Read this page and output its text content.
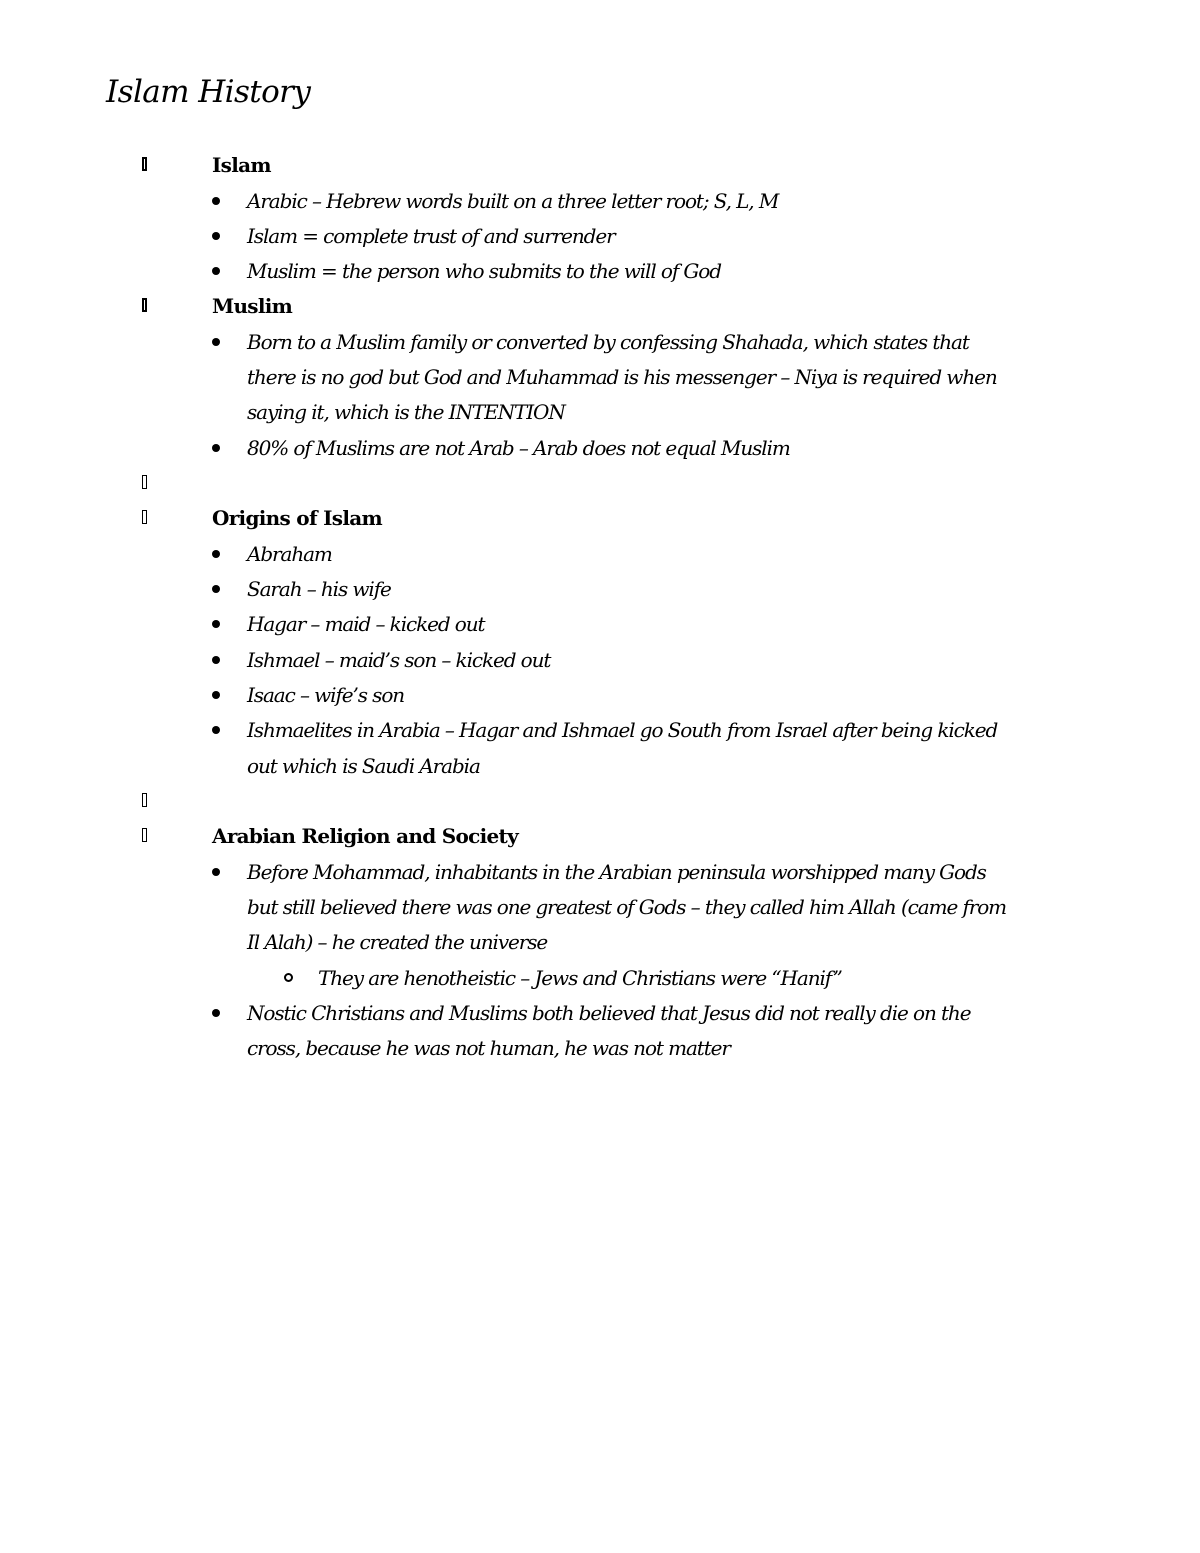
Islam History
Islam
Arabic – Hebrew words built on a three letter root; S, L, M
Islam = complete trust of and surrender
Muslim = the person who submits to the will of God
Muslim
Born to a Muslim family or converted by confessing Shahada, which states that
there is no god but God and Muhammad is his messenger – Niya is required when
saying it, which is the INTENTION
80% of Muslims are not Arab – Arab does not equal Muslim
Origins of Islam
Abraham
Sarah – his wife
Hagar – maid – kicked out
Ishmael – maid’s son – kicked out
Isaac – wife’s son
Ishmaelites in Arabia – Hagar and Ishmael go South from Israel after being kicked
out which is Saudi Arabia
Arabian Religion and Society
Before Mohammad, inhabitants in the Arabian peninsula worshipped many Gods
but still believed there was one greatest of Gods – they called him Allah (came from
Il Alah) – he created the universe
They are henotheistic – Jews and Christians were “Hanif”
Nostic Christians and Muslims both believed that Jesus did not really die on the
cross, because he was not human, he was not matter
